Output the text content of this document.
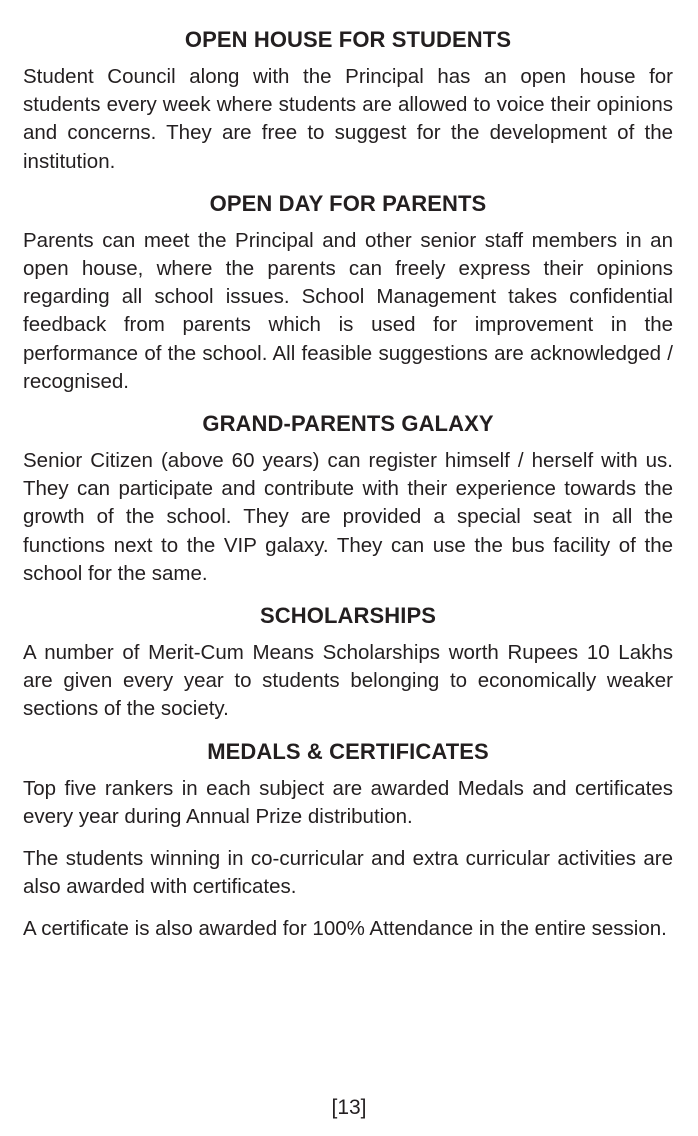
OPEN HOUSE FOR STUDENTS

Student Council along with the Principal has an open house for students every week where students are allowed to voice their opinions and concerns. They are free to suggest for the development of the institution.

OPEN DAY FOR PARENTS

Parents can meet the Principal and other senior staff members in an open house, where the parents can freely express their opinions regarding all school issues. School Management takes confidential feedback from parents which is used for improvement in the performance of the school. All feasible suggestions are acknowledged / recognised.

GRAND-PARENTS GALAXY

Senior Citizen (above 60 years) can register himself / herself with us. They can participate and contribute with their experience towards the growth of the school. They are provided a special seat in all the functions next to the VIP galaxy. They can use the bus facility of the school for the same.

SCHOLARSHIPS

A number of Merit-Cum Means Scholarships worth Rupees 10 Lakhs are given every year to students belonging to economically weaker sections of the society.

MEDALS & CERTIFICATES

Top five rankers in each subject are awarded Medals and certificates every year during Annual Prize distribution.

The students winning in co-curricular and extra curricular activities are also awarded with certificates.

A certificate is also awarded for 100% Attendance in the entire session.

[13]
